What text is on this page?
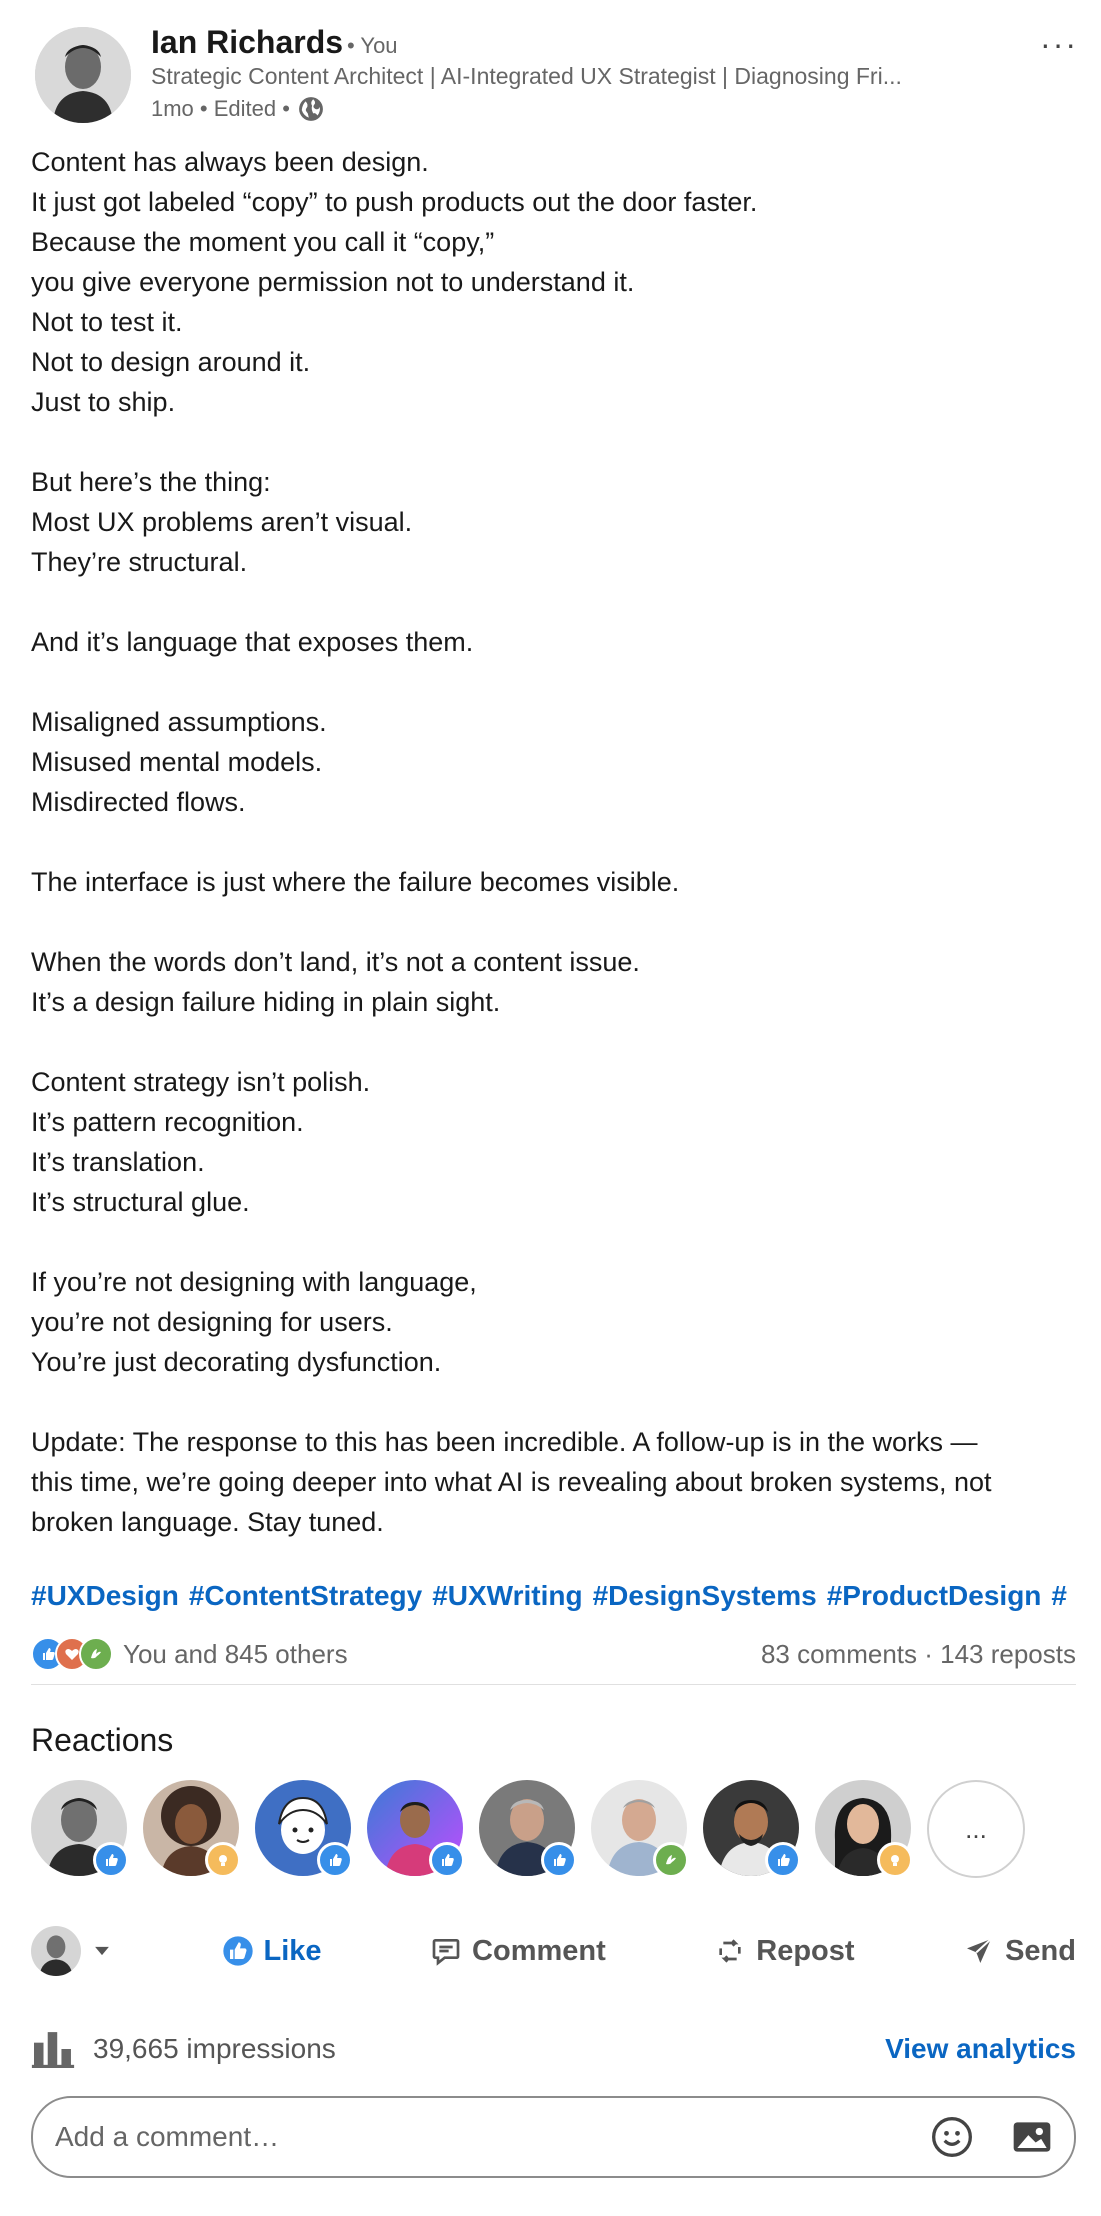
Ian Richards • You
Strategic Content Architect | AI-Integrated UX Strategist | Diagnosing Fri...
1mo • Edited •
···

Content has always been design.
It just got labeled “copy” to push products out the door faster.
Because the moment you call it “copy,”
you give everyone permission not to understand it.
Not to test it.
Not to design around it.
Just to ship.

But here’s the thing:
Most UX problems aren’t visual.
They’re structural.

And it’s language that exposes them.

Misaligned assumptions.
Misused mental models.
Misdirected flows.

The interface is just where the failure becomes visible.

When the words don’t land, it’s not a content issue.
It’s a design failure hiding in plain sight.

Content strategy isn’t polish.
It’s pattern recognition.
It’s translation.
It’s structural glue.

If you’re not designing with language,
you’re not designing for users.
You’re just decorating dysfunction.

Update: The response to this has been incredible. A follow-up is in the works —
this time, we’re going deeper into what AI is revealing about broken systems, not
broken language. Stay tuned.

#UXDesign #ContentStrategy #UXWriting #DesignSystems #ProductDesign #
You and 845 others	83 comments · 143 reposts
Reactions
...
Like	Comment	Repost	Send
39,665 impressions	View analytics
Add a comment…
